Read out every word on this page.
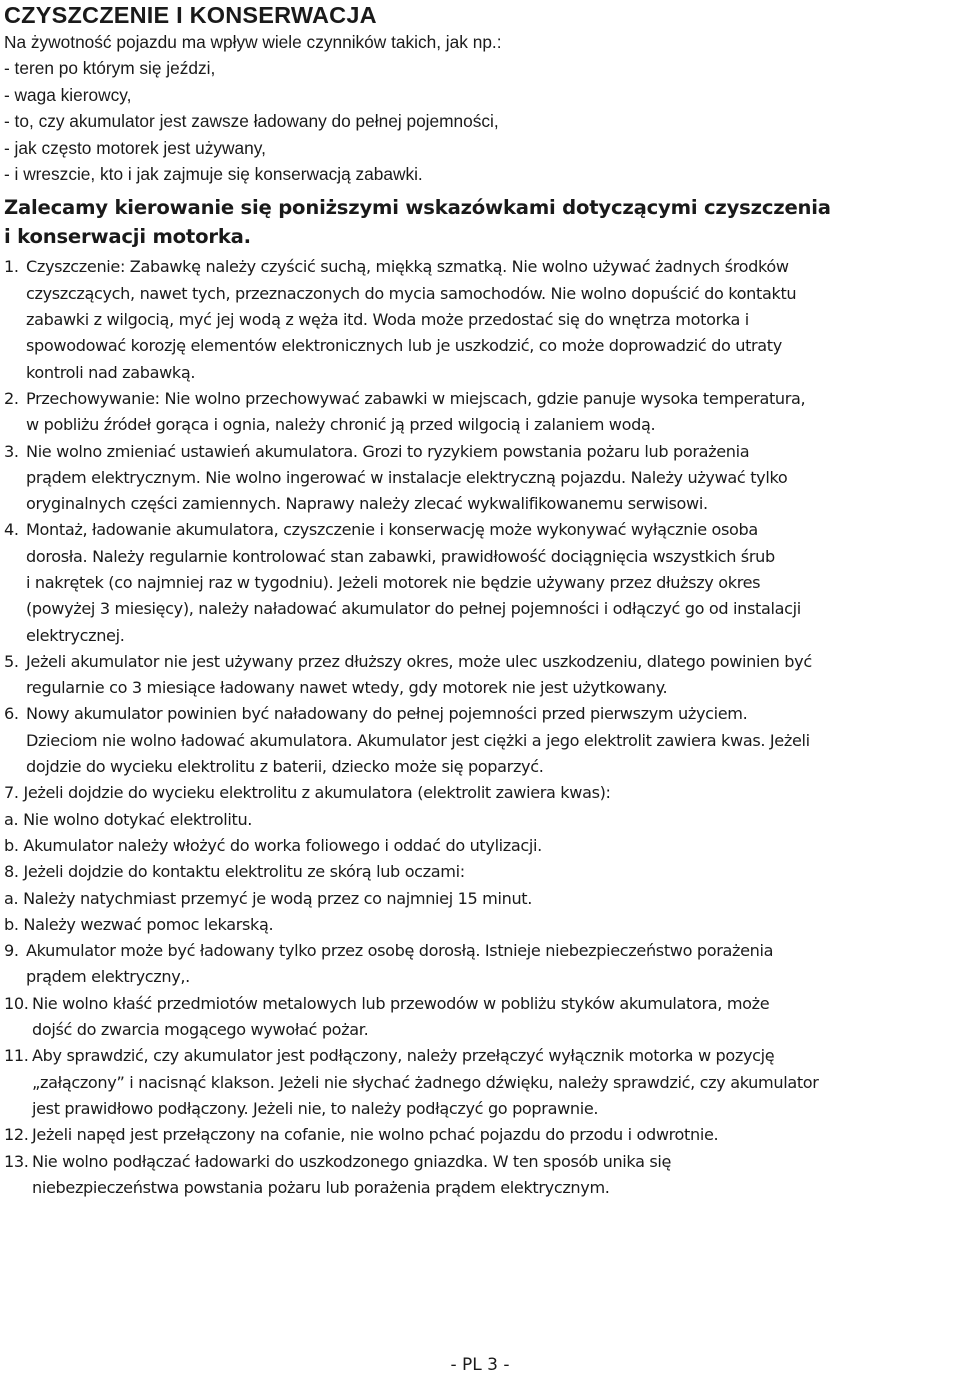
CZYSZCZENIE I KONSERWACJA
Na żywotność pojazdu ma wpływ wiele czynników takich, jak np.:
- teren po którym się jeździ,
- waga kierowcy,
- to, czy akumulator jest zawsze ładowany do pełnej pojemności,
- jak często motorek jest używany,
- i wreszcie, kto i jak zajmuje się konserwacją zabawki.
Zalecamy kierowanie się poniższymi wskazówkami dotyczącymi czyszczenia
i konserwacji motorka.
1. Czyszczenie: Zabawkę należy czyścić suchą, miękką szmatką. Nie wolno używać żadnych środków
czyszczących, nawet tych, przeznaczonych do mycia samochodów. Nie wolno dopuścić do kontaktu
zabawki z wilgocią, myć jej wodą z węża itd. Woda może przedostać się do wnętrza motorka i
spowodować korozję elementów elektronicznych lub je uszkodzić, co może doprowadzić do utraty
kontroli nad zabawką.
2. Przechowywanie: Nie wolno przechowywać zabawki w miejscach, gdzie panuje wysoka temperatura,
w pobliżu źródeł gorąca i ognia, należy chronić ją przed wilgocią i zalaniem wodą.
3. Nie wolno zmieniać ustawień akumulatora. Grozi to ryzykiem powstania pożaru lub porażenia
prądem elektrycznym. Nie wolno ingerować w instalacje elektryczną pojazdu. Należy używać tylko
oryginalnych części zamiennych. Naprawy należy zlecać wykwalifikowanemu serwisowi.
4. Montaż, ładowanie akumulatora, czyszczenie i konserwację może wykonywać wyłącznie osoba
dorosła. Należy regularnie kontrolować stan zabawki, prawidłowość dociągnięcia wszystkich śrub
i nakrętek (co najmniej raz w tygodniu). Jeżeli motorek nie będzie używany przez dłuższy okres
(powyżej 3 miesięcy), należy naładować akumulator do pełnej pojemności i odłączyć go od instalacji
elektrycznej.
5. Jeżeli akumulator nie jest używany przez dłuższy okres, może ulec uszkodzeniu, dlatego powinien być
regularnie co 3 miesiące ładowany nawet wtedy, gdy motorek nie jest użytkowany.
6. Nowy akumulator powinien być naładowany do pełnej pojemności przed pierwszym użyciem.
Dzieciom nie wolno ładować akumulatora. Akumulator jest ciężki a jego elektrolit zawiera kwas. Jeżeli
dojdzie do wycieku elektrolitu z baterii, dziecko może się poparzyć.
7. Jeżeli dojdzie do wycieku elektrolitu z akumulatora (elektrolit zawiera kwas):
a. Nie wolno dotykać elektrolitu.
b. Akumulator należy włożyć do worka foliowego i oddać do utylizacji.
8. Jeżeli dojdzie do kontaktu elektrolitu ze skórą lub oczami:
a. Należy natychmiast przemyć je wodą przez co najmniej 15 minut.
b. Należy wezwać pomoc lekarską.
9. Akumulator może być ładowany tylko przez osobę dorosłą. Istnieje niebezpieczeństwo porażenia
prądem elektryczny,.
10. Nie wolno kłaść przedmiotów metalowych lub przewodów w pobliżu styków akumulatora, może
dojść do zwarcia mogącego wywołać pożar.
11. Aby sprawdzić, czy akumulator jest podłączony, należy przełączyć wyłącznik motorka w pozycję
„załączony” i nacisnąć klakson. Jeżeli nie słychać żadnego dźwięku, należy sprawdzić, czy akumulator
jest prawidłowo podłączony. Jeżeli nie, to należy podłączyć go poprawnie.
12. Jeżeli napęd jest przełączony na cofanie, nie wolno pchać pojazdu do przodu i odwrotnie.
13. Nie wolno podłączać ładowarki do uszkodzonego gniazdka. W ten sposób unika się
niebezpieczeństwa powstania pożaru lub porażenia prądem elektrycznym.
- PL 3 -
